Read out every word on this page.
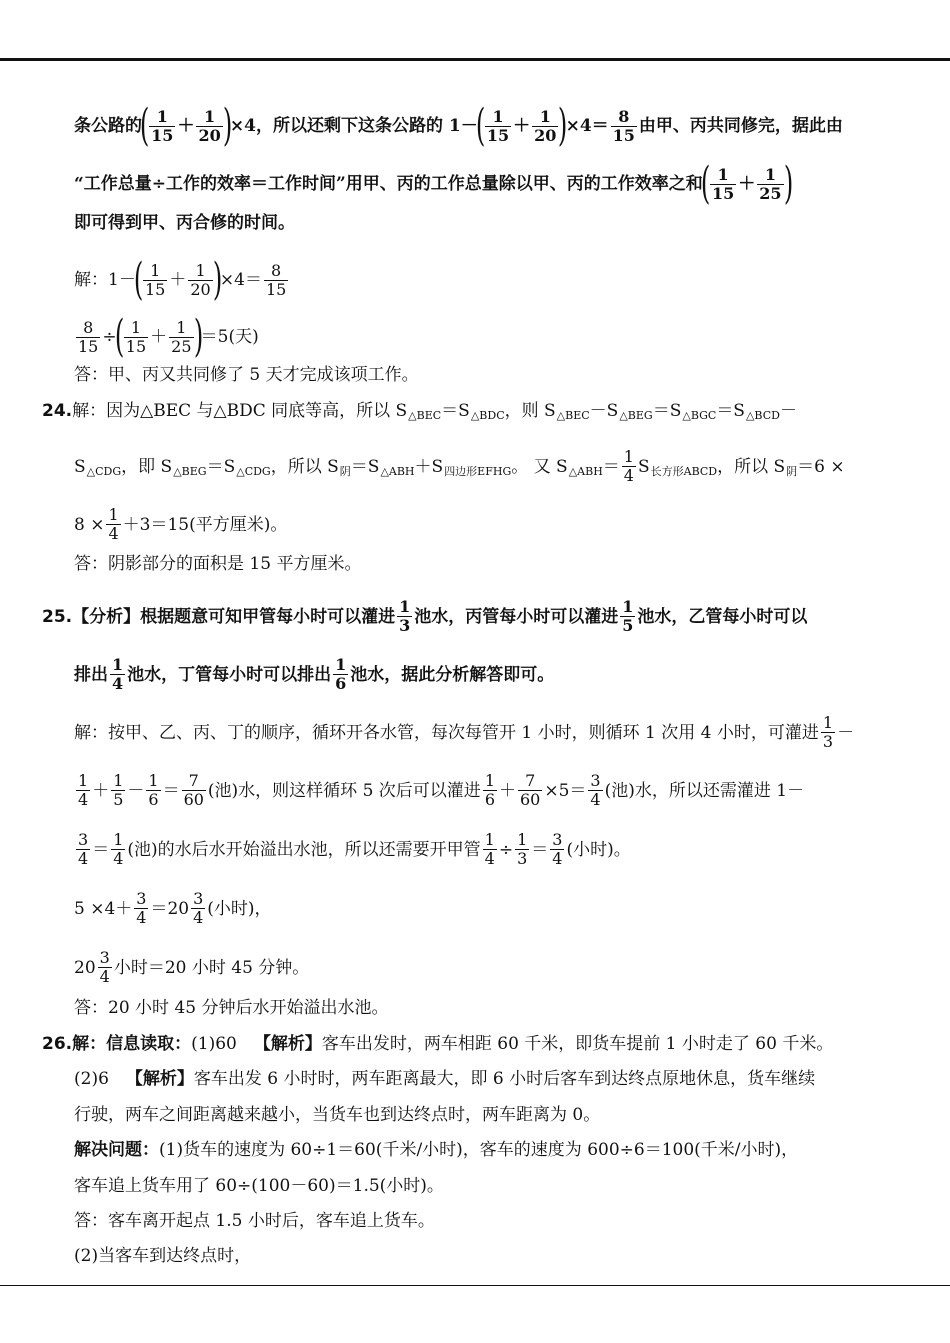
条公路的
( 1
15 ＋ 1
20 )
×4，所以还剩下这条公路的 1－
( 1
15 ＋ 1
20 )
×4＝ 8
15 由甲、丙共同修完，据此由
“工作总量÷工作的效率＝工作时间”用甲、丙的工作总量除以甲、丙的工作效率之和
( 1
15 ＋ 1
25 )
即可得到甲、丙合修的时间。
解：1－
( 1
15 ＋ 1
20 )
×4＝ 8
15
$\frac{8}{15}$ ÷
( 1
15 ＋ 1
25 )
＝5(天)
答：甲、丙又共同修了 5 天才完成该项工作。
24. 解：因为△BEC 与△BDC 同底等高，所以 S △BEC ＝S △BDC ，则 S △BEC －S △BEG ＝S △BGC ＝S △BCD －
S △CDG ，即 S △BEG ＝S △CDG ，所以 S 阴 ＝S △ABH ＋S 四边形EFHG 。 又 S △ABH ＝ 1
4 S 长方形ABCD ，所以 S 阴 ＝6 ×
$8 \times \frac{1}{4} +3=15$(平方厘米)。
答：阴影部分的面积是 15 平方厘米。
25. 【分析】 根据题意可知甲管每小时可以灌进 1
3 池水，丙管每小时可以灌进 1
5 池水，乙管每小时可以
排出 1
4 池水，丁管每小时可以排出 1
6 池水，据此分析解答即可。
解：按甲、乙、丙、丁的顺序，循环开各水管，每次每管开 1 小时，则循环 1 次用 4 小时，可灌进 1
3 －
1
4 ＋ 1
5 － 1
6 ＝ 7
60 (池)水，则这样循环 5 次后可以灌进 1
$6 + \frac{7}{60} \times 5= 3$
4 (池)水，所以还需灌进 1－
3
4 ＝ 1
4 (池)的水后水开始溢出水池，所以还需要开甲管 $\frac{1}{4} \div \frac{1}{3} = 3$
4 (小时)。
5 ×4＋ 3
4 ＝20 3
4 (小时)，
20 3
4 小时＝20 小时 45 分钟。
答：20 小时 45 分钟后水开始溢出水池。
26. 解：信息读取： (1)60　 【解析】 客车出发时，两车相距 60 千米，即货车提前 1 小时走了 60 千米。
(2)6　 【解析】 客车出发 6 小时时，两车距离最大，即 6 小时后客车到达终点原地休息，货车继续
行驶，两车之间距离越来越小，当货车也到达终点时，两车距离为 0。
解决问题： (1)货车的速度为 60÷1＝60(千米/小时)，客车的速度为 600÷6＝100(千米/小时)，
客车追上货车用了 60÷(100－60)＝1.5(小时)。
答：客车离开起点 1.5 小时后，客车追上货车。
(2)当客车到达终点时，
